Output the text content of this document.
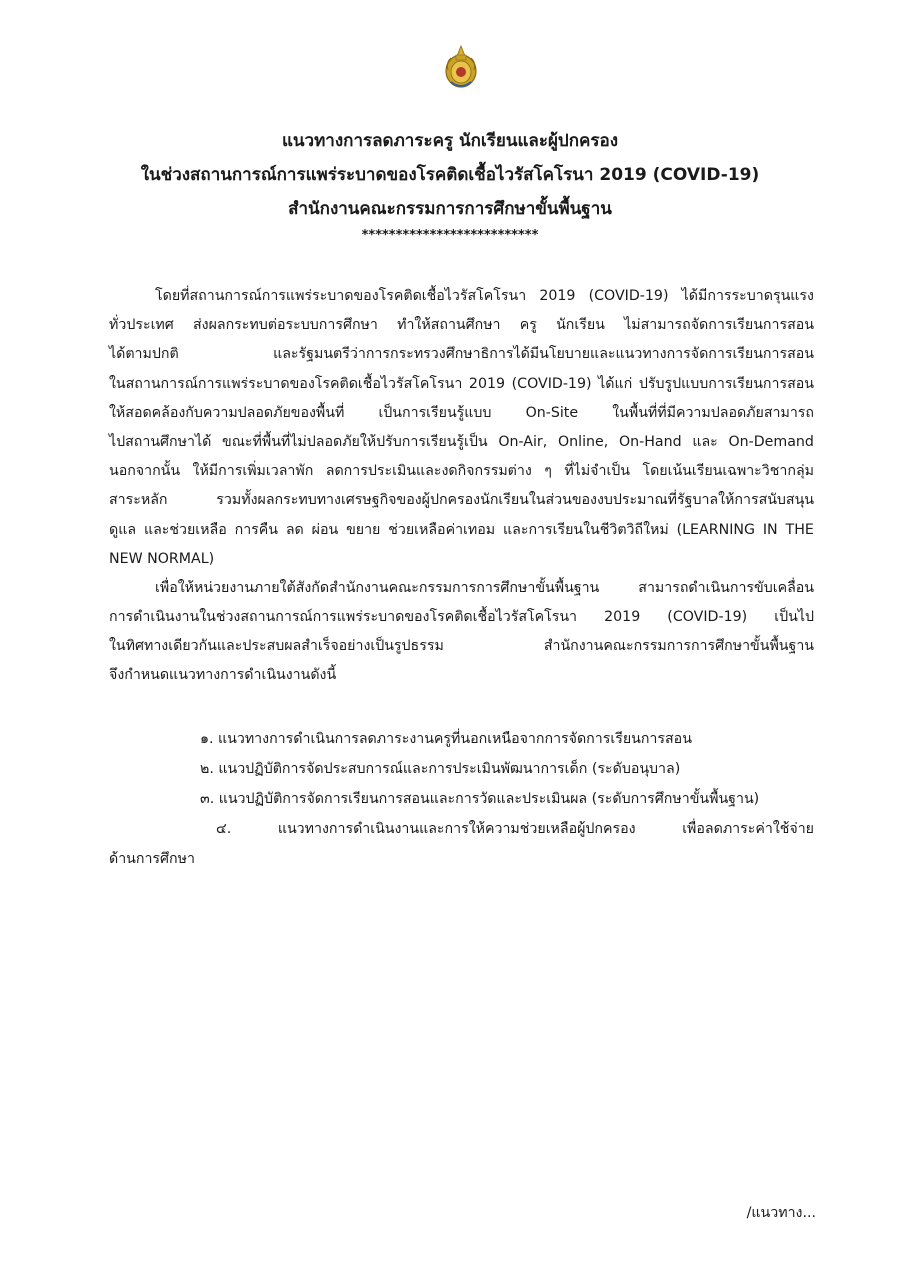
แนวทางการลดภาระครู นักเรียนและผู้ปกครอง
ในช่วงสถานการณ์การแพร่ระบาดของโรคติดเชื้อไวรัสโคโรนา 2019 (COVID-19)
สำนักงานคณะกรรมการการศึกษาขั้นพื้นฐาน
**************************
โดยที่สถานการณ์การแพร่ระบาดของโรคติดเชื้อไวรัสโคโรนา 2019 (COVID-19) ได้มีการระบาดรุนแรง
ทั่วประเทศ ส่งผลกระทบต่อระบบการศึกษา ทำให้สถานศึกษา ครู นักเรียน ไม่สามารถจัดการเรียนการสอน
ได้ตามปกติ	และรัฐมนตรีว่าการกระทรวงศึกษาธิการได้มีนโยบายและแนวทางการจัดการเรียนการสอน
ในสถานการณ์การแพร่ระบาดของโรคติดเชื้อไวรัสโคโรนา 2019 (COVID-19) ได้แก่ ปรับรูปแบบการเรียนการสอน
ให้สอดคล้องกับความปลอดภัยของพื้นที่ เป็นการเรียนรู้แบบ On-Site ในพื้นที่ที่มีความปลอดภัยสามารถ
ไปสถานศึกษาได้ ขณะที่พื้นที่ไม่ปลอดภัยให้ปรับการเรียนรู้เป็น On-Air, Online, On-Hand และ On-Demand
นอกจากนั้น ให้มีการเพิ่มเวลาพัก ลดการประเมินและงดกิจกรรมต่าง ๆ ที่ไม่จำเป็น โดยเน้นเรียนเฉพาะวิชากลุ่ม
สาระหลัก	รวมทั้งผลกระทบทางเศรษฐกิจของผู้ปกครองนักเรียนในส่วนของงบประมาณที่รัฐบาลให้การสนับสนุน
ดูแล และช่วยเหลือ การคืน ลด ผ่อน ขยาย ช่วยเหลือค่าเทอม และการเรียนในชีวิตวิถีใหม่ (LEARNING IN THE
NEW NORMAL)
เพื่อให้หน่วยงานภายใต้สังกัดสำนักงานคณะกรรมการการศึกษาขั้นพื้นฐาน	สามารถดำเนินการขับเคลื่อน
การดำเนินงานในช่วงสถานการณ์การแพร่ระบาดของโรคติดเชื้อไวรัสโคโรนา 2019 (COVID-19) เป็นไป
ในทิศทางเดียวกันและประสบผลสำเร็จอย่างเป็นรูปธรรม	สำนักงานคณะกรรมการการศึกษาขั้นพื้นฐาน
จึงกำหนดแนวทางการดำเนินงานดังนี้
๑. แนวทางการดำเนินการลดภาระงานครูที่นอกเหนือจากการจัดการเรียนการสอน
๒. แนวปฏิบัติการจัดประสบการณ์และการประเมินพัฒนาการเด็ก (ระดับอนุบาล)
๓. แนวปฏิบัติการจัดการเรียนการสอนและการวัดและประเมินผล (ระดับการศึกษาขั้นพื้นฐาน)
๔.	แนวทางการดำเนินงานและการให้ความช่วยเหลือผู้ปกครอง	เพื่อลดภาระค่าใช้จ่าย
ด้านการศึกษา
/แนวทาง...
